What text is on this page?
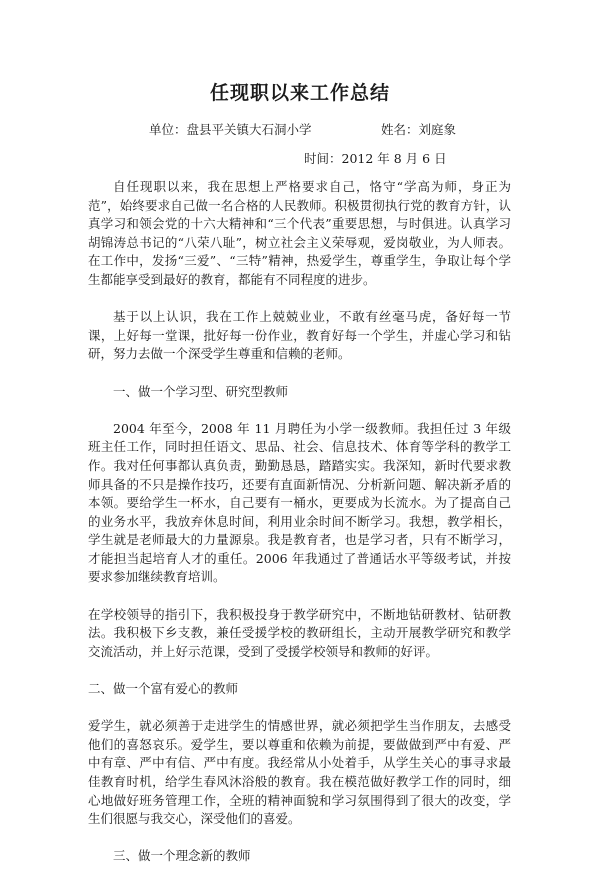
任现职以来工作总结
单位：盘县平关镇大石洞小学	姓名：刘庭象
时间：2012 年 8 月 6 日

自任现职以来，我在思想上严格要求自己，恪守“学高为师，身正为范”，始终要求自己做一名合格的人民教师。积极贯彻执行党的教育方针，认真学习和领会党的十六大精神和“三个代表”重要思想，与时俱进。认真学习胡锦涛总书记的“八荣八耻”，树立社会主义荣辱观，爱岗敬业，为人师表。在工作中，发扬“三爱”、“三特”精神，热爱学生，尊重学生，争取让每个学生都能享受到最好的教育，都能有不同程度的进步。

基于以上认识，我在工作上兢兢业业，不敢有丝毫马虎，备好每一节课，上好每一堂课，批好每一份作业，教育好每一个学生，并虚心学习和钻研，努力去做一个深受学生尊重和信赖的老师。

一、做一个学习型、研究型教师

2004 年至今，2008 年 11 月聘任为小学一级教师。我担任过 3 年级班主任工作，同时担任语文、思品、社会、信息技术、体育等学科的教学工作。我对任何事都认真负责，勤勤恳恳，踏踏实实。我深知，新时代要求教师具备的不只是操作技巧，还要有直面新情况、分析新问题、解决新矛盾的本领。要给学生一杯水，自己要有一桶水，更要成为长流水。为了提高自己的业务水平，我放弃休息时间，利用业余时间不断学习。我想，教学相长，学生就是老师最大的力量源泉。我是教育者，也是学习者，只有不断学习，才能担当起培育人才的重任。2006 年我通过了普通话水平等级考试，并按要求参加继续教育培训。

在学校领导的指引下，我积极投身于教学研究中，不断地钻研教材、钻研教法。我积极下乡支教，兼任受援学校的教研组长，主动开展教学研究和教学交流活动，并上好示范课，受到了受援学校领导和教师的好评。

二、做一个富有爱心的教师

爱学生，就必须善于走进学生的情感世界，就必须把学生当作朋友，去感受他们的喜怒哀乐。爱学生，要以尊重和依赖为前提，要做做到严中有爱、严中有章、严中有信、严中有度。我经常从小处着手，从学生关心的事寻求最佳教育时机，给学生春风沐浴般的教育。我在模范做好教学工作的同时，细心地做好班务管理工作，全班的精神面貌和学习氛围得到了很大的改变，学生们很愿与我交心，深受他们的喜爱。

三、做一个理念新的教师
